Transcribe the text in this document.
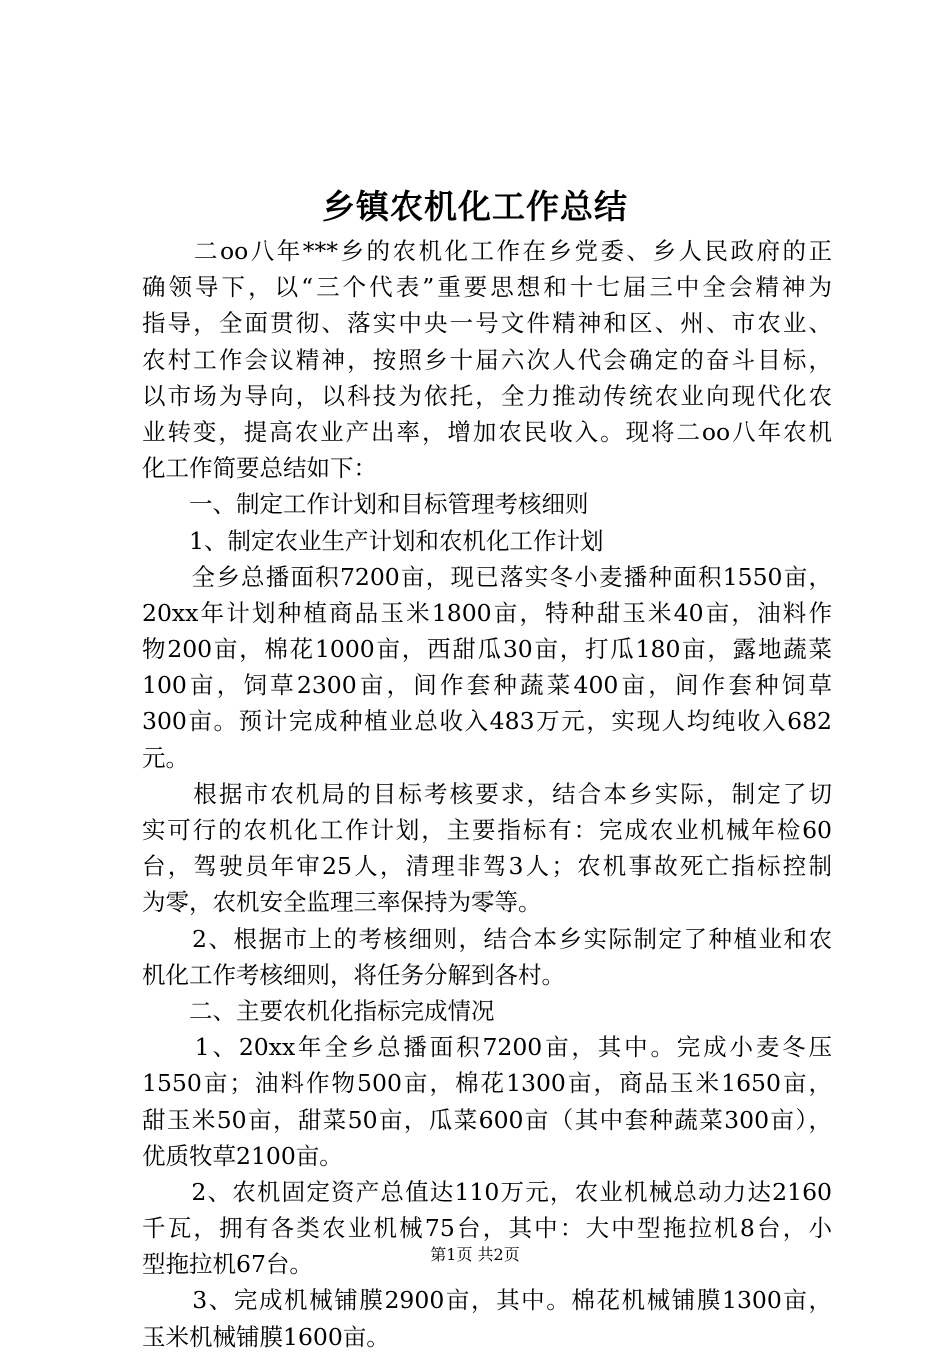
乡镇农机化工作总结
　　二oo八年***乡的农机化工作在乡党委、乡人民政府的正
确领导下，以“三个代表”重要思想和十七届三中全会精神为
指导，全面贯彻、落实中央一号文件精神和区、州、市农业、
农村工作会议精神，按照乡十届六次人代会确定的奋斗目标，
以市场为导向，以科技为依托，全力推动传统农业向现代化农
业转变，提高农业产出率，增加农民收入。现将二oo八年农机
化工作简要总结如下：
　　一、制定工作计划和目标管理考核细则
　　1、制定农业生产计划和农机化工作计划
　　全乡总播面积7200亩，现已落实冬小麦播种面积1550亩，
20xx年计划种植商品玉米1800亩，特种甜玉米40亩，油料作
物200亩，棉花1000亩，西甜瓜30亩，打瓜180亩，露地蔬菜
100亩，饲草2300亩，间作套种蔬菜400亩，间作套种饲草
300亩。预计完成种植业总收入483万元，实现人均纯收入682
元。
　　根据市农机局的目标考核要求，结合本乡实际，制定了切
实可行的农机化工作计划，主要指标有：完成农业机械年检60
台，驾驶员年审25人，清理非驾3人；农机事故死亡指标控制
为零，农机安全监理三率保持为零等。
　　2、根据市上的考核细则，结合本乡实际制定了种植业和农
机化工作考核细则，将任务分解到各村。
　　二、主要农机化指标完成情况
　　1、20xx年全乡总播面积7200亩，其中。完成小麦冬压
1550亩；油料作物500亩，棉花1300亩，商品玉米1650亩，
甜玉米50亩，甜菜50亩，瓜菜600亩（其中套种蔬菜300亩），
优质牧草2100亩。
　　2、农机固定资产总值达110万元，农业机械总动力达2160
千瓦，拥有各类农业机械75台，其中：大中型拖拉机8台，小
型拖拉机67台。
　　3、完成机械铺膜2900亩，其中。棉花机械铺膜1300亩，
玉米机械铺膜1600亩。
第1页 共2页
